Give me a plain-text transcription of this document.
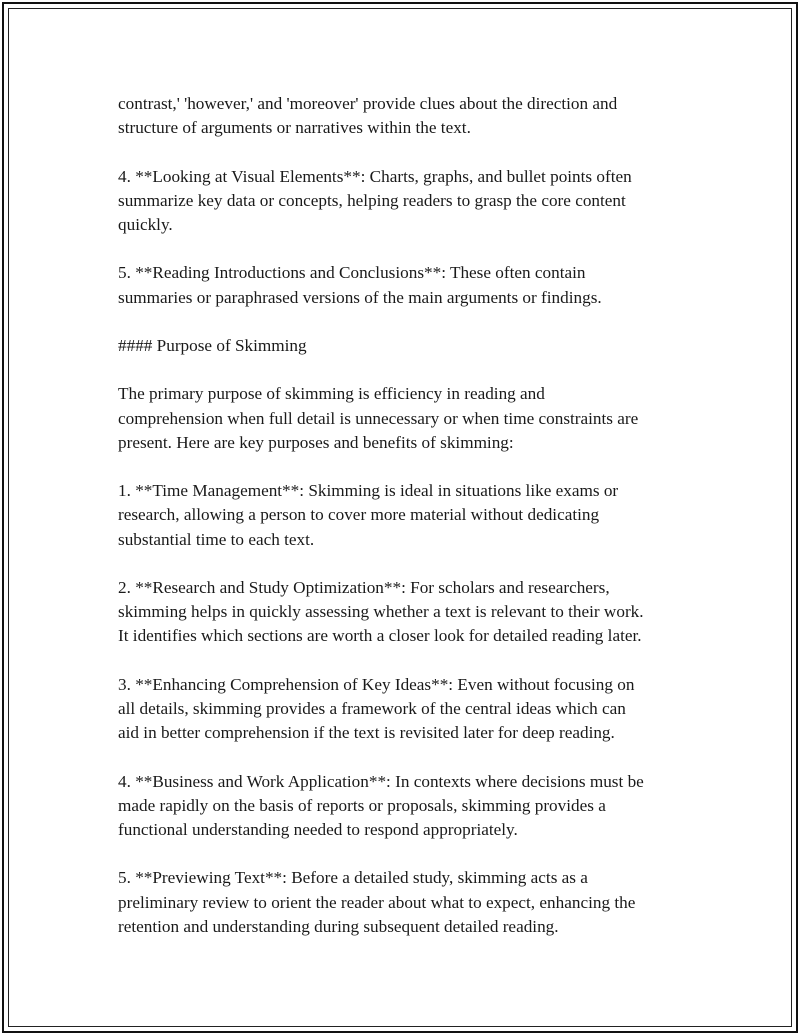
contrast,' 'however,' and 'moreover' provide clues about the direction and
structure of arguments or narratives within the text.

4. **Looking at Visual Elements**: Charts, graphs, and bullet points often
summarize key data or concepts, helping readers to grasp the core content
quickly.

5. **Reading Introductions and Conclusions**: These often contain
summaries or paraphrased versions of the main arguments or findings.

#### Purpose of Skimming

The primary purpose of skimming is efficiency in reading and
comprehension when full detail is unnecessary or when time constraints are
present. Here are key purposes and benefits of skimming:

1. **Time Management**: Skimming is ideal in situations like exams or
research, allowing a person to cover more material without dedicating
substantial time to each text.

2. **Research and Study Optimization**: For scholars and researchers,
skimming helps in quickly assessing whether a text is relevant to their work.
It identifies which sections are worth a closer look for detailed reading later.

3. **Enhancing Comprehension of Key Ideas**: Even without focusing on
all details, skimming provides a framework of the central ideas which can
aid in better comprehension if the text is revisited later for deep reading.

4. **Business and Work Application**: In contexts where decisions must be
made rapidly on the basis of reports or proposals, skimming provides a
functional understanding needed to respond appropriately.

5. **Previewing Text**: Before a detailed study, skimming acts as a
preliminary review to orient the reader about what to expect, enhancing the
retention and understanding during subsequent detailed reading.
